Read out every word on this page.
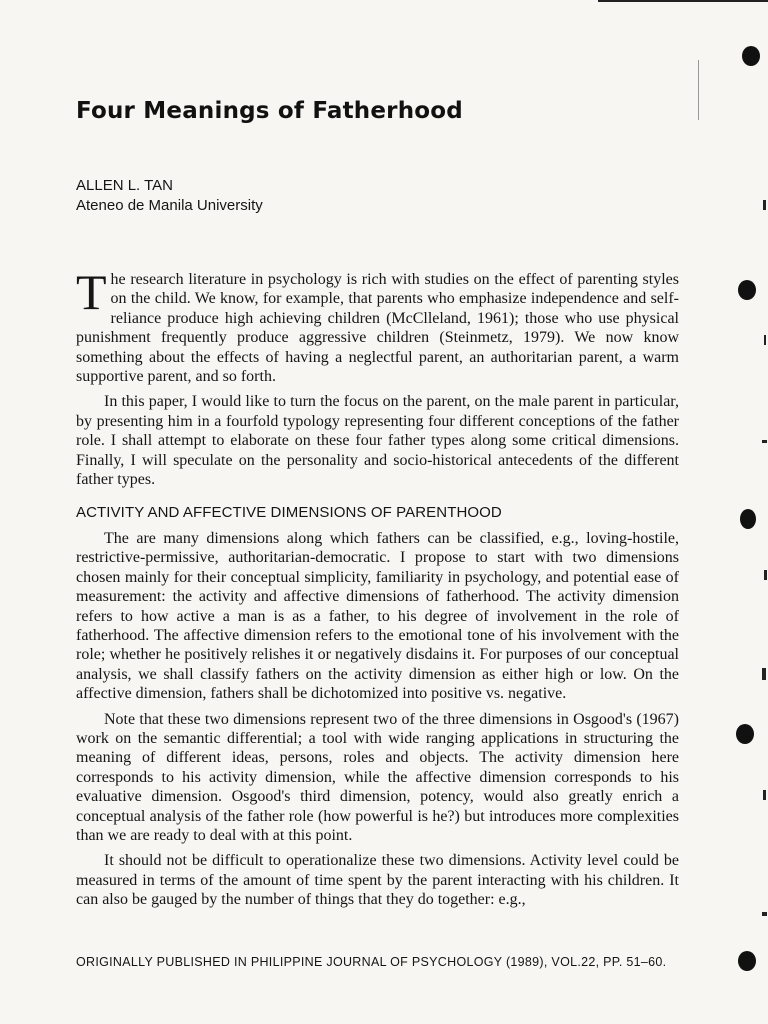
Four Meanings of Fatherhood
ALLEN L. TAN
Ateneo de Manila University

The research literature in psychology is rich with studies on the effect of parenting styles on the child. We know, for example, that parents who emphasize independence and self-reliance produce high achieving children (McClleland, 1961); those who use physical punishment frequently produce aggressive children (Steinmetz, 1979). We now know something about the effects of having a neglectful parent, an authoritarian parent, a warm supportive parent, and so forth.

In this paper, I would like to turn the focus on the parent, on the male parent in particular, by presenting him in a fourfold typology representing four different conceptions of the father role. I shall attempt to elaborate on these four father types along some critical dimensions. Finally, I will speculate on the personality and socio-historical antecedents of the different father types.

ACTIVITY AND AFFECTIVE DIMENSIONS OF PARENTHOOD

The are many dimensions along which fathers can be classified, e.g., loving-hostile, restrictive-permissive, authoritarian-democratic. I propose to start with two dimensions chosen mainly for their conceptual simplicity, familiarity in psychology, and potential ease of measurement: the activity and affective dimensions of fatherhood. The activity dimension refers to how active a man is as a father, to his degree of involvement in the role of fatherhood. The affective dimension refers to the emotional tone of his involvement with the role; whether he positively relishes it or negatively disdains it. For purposes of our conceptual analysis, we shall classify fathers on the activity dimension as either high or low. On the affective dimension, fathers shall be dichotomized into positive vs. negative.

Note that these two dimensions represent two of the three dimensions in Osgood's (1967) work on the semantic differential; a tool with wide ranging applications in structuring the meaning of different ideas, persons, roles and objects. The activity dimension here corresponds to his activity dimension, while the affective dimension corresponds to his evaluative dimension. Osgood's third dimension, potency, would also greatly enrich a conceptual analysis of the father role (how powerful is he?) but introduces more complexities than we are ready to deal with at this point.

It should not be difficult to operationalize these two dimensions. Activity level could be measured in terms of the amount of time spent by the parent interacting with his children. It can also be gauged by the number of things that they do together: e.g.,

ORIGINALLY PUBLISHED IN PHILIPPINE JOURNAL OF PSYCHOLOGY (1989), VOL.22, PP. 51–60.
